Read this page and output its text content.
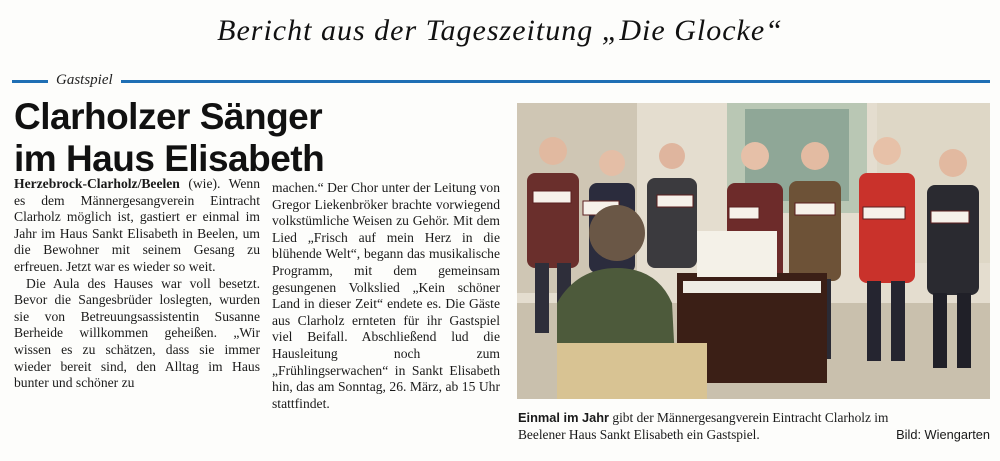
Bericht aus der Tageszeitung „Die Glocke“
Gastspiel
Clarholzer Sänger
im Haus Elisabeth

Herzebrock-Clarholz/Beelen (wie). Wenn es dem Männergesangverein Eintracht Clarholz möglich ist, gastiert er einmal im Jahr im Haus Sankt Elisabeth in Beelen, um die Bewohner mit seinem Gesang zu erfreuen. Jetzt war es wieder so weit.

Die Aula des Hauses war voll besetzt. Bevor die Sangesbrüder loslegten, wurden sie von Betreuungsassistentin Susanne Berheide willkommen geheißen. „Wir wissen es zu schätzen, dass sie immer wieder bereit sind, den Alltag im Haus bunter und schöner zu

machen.“ Der Chor unter der Leitung von Gregor Liekenbröker brachte vorwiegend volkstümliche Weisen zu Gehör. Mit dem Lied „Frisch auf mein Herz in die blühende Welt“, begann das musikalische Programm, mit dem gemeinsam gesungenen Volkslied „Kein schöner Land in dieser Zeit“ endete es. Die Gäste aus Clarholz ernteten für ihr Gastspiel viel Beifall. Abschließend lud die Hausleitung noch zum „Frühlingserwachen“ in Sankt Elisabeth hin, das am Sonntag, 26. März, ab 15 Uhr stattfindet.

Einmal im Jahr gibt der Männergesangverein Eintracht Clarholz im
Beelener Haus Sankt Elisabeth ein Gastspiel.	Bild: Wiengarten
